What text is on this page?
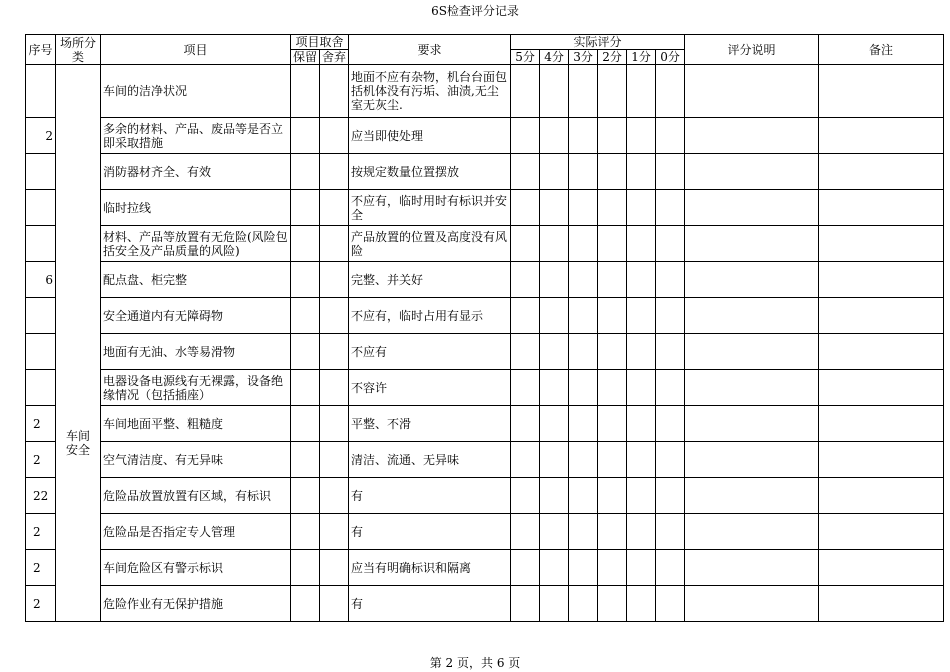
6S检查评分记录
序号	场所分类	项目	项目取舍		要求	实际评分						评分说明	备注
			保留	舍弃		5分	4分	3分	2分	1分	0分		

	车间安全	车间的洁净状况			地面不应有杂物，机台台面包括机体没有污垢、油渍,无尘室无灰尘.								
2		多余的材料、产品、废品等是否立即采取措施			应当即使处理								
		消防器材齐全、有效			按规定数量位置摆放								
		临时拉线			不应有，临时用时有标识并安全								
		材料、产品等放置有无危险(风险包括安全及产品质量的风险)			产品放置的位置及高度没有风险								
6		配点盘、柜完整			完整、并关好								
		安全通道内有无障碍物			不应有，临时占用有显示								
		地面有无油、水等易滑物			不应有								
		电器设备电源线有无裸露，设备绝缘情况（包括插座）			不容许								
2		车间地面平整、粗糙度			平整、不滑								
2		空气清洁度、有无异味			清洁、流通、无异味								
22		危险品放置放置有区域，有标识			有								
2		危险品是否指定专人管理			有								
2		车间危险区有警示标识			应当有明确标识和隔离								
2		危险作业有无保护措施			有								
第 2 页，共 6 页
